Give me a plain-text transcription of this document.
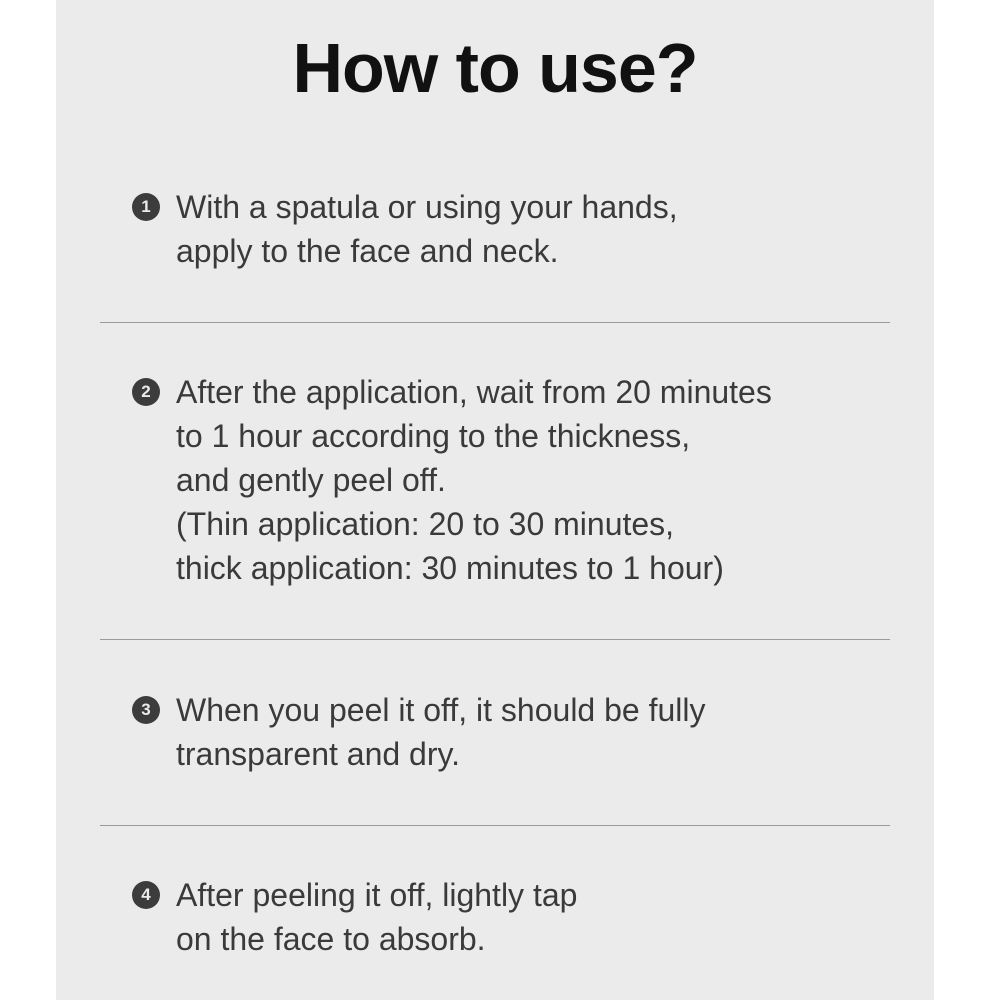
How to use?
1 With a spatula or using your hands,
apply to the face and neck.

2 After the application, wait from 20 minutes
to 1 hour according to the thickness,
and gently peel off.
(Thin application: 20 to 30 minutes,
thick application: 30 minutes to 1 hour)

3 When you peel it off, it should be fully
transparent and dry.

4 After peeling it off, lightly tap
on the face to absorb.
